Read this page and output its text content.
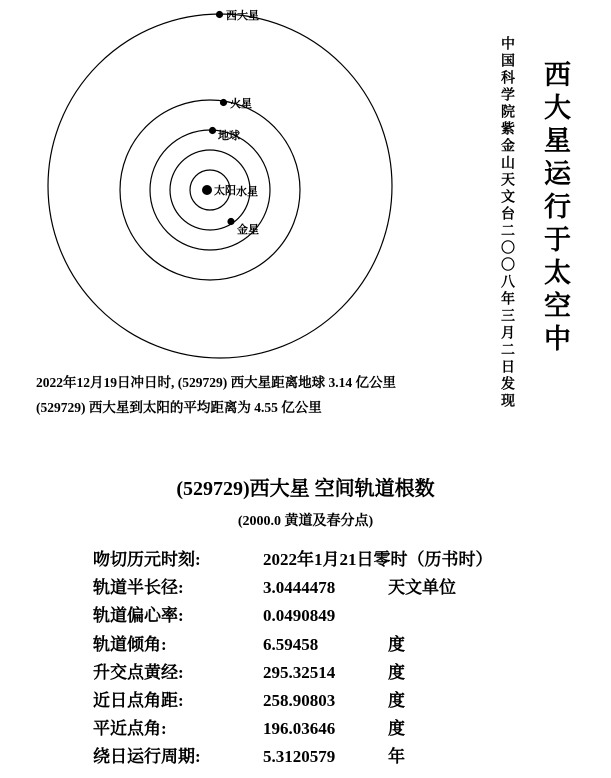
西大星
火星
地球
太阳 水星
金星	中国科学院紫金山天文台二〇〇八年三月二日发现 西大星运行于太空中
2022年12月19日冲日时, (529729) 西大星距离地球 3.14 亿公里
(529729) 西大星到太阳的平均距离为 4.55 亿公里
(529729)西大星 空间轨道根数
(2000.0 黄道及春分点)
吻切历元时刻:	2022年1月21日零时（历书时）
轨道半长径:	3.0444478	天文单位
轨道偏心率:	0.0490849
轨道倾角:	6.59458	度
升交点黄经:	295.32514	度
近日点角距:	258.90803	度
平近点角:	196.03646	度
绕日运行周期:	5.3120579	年
